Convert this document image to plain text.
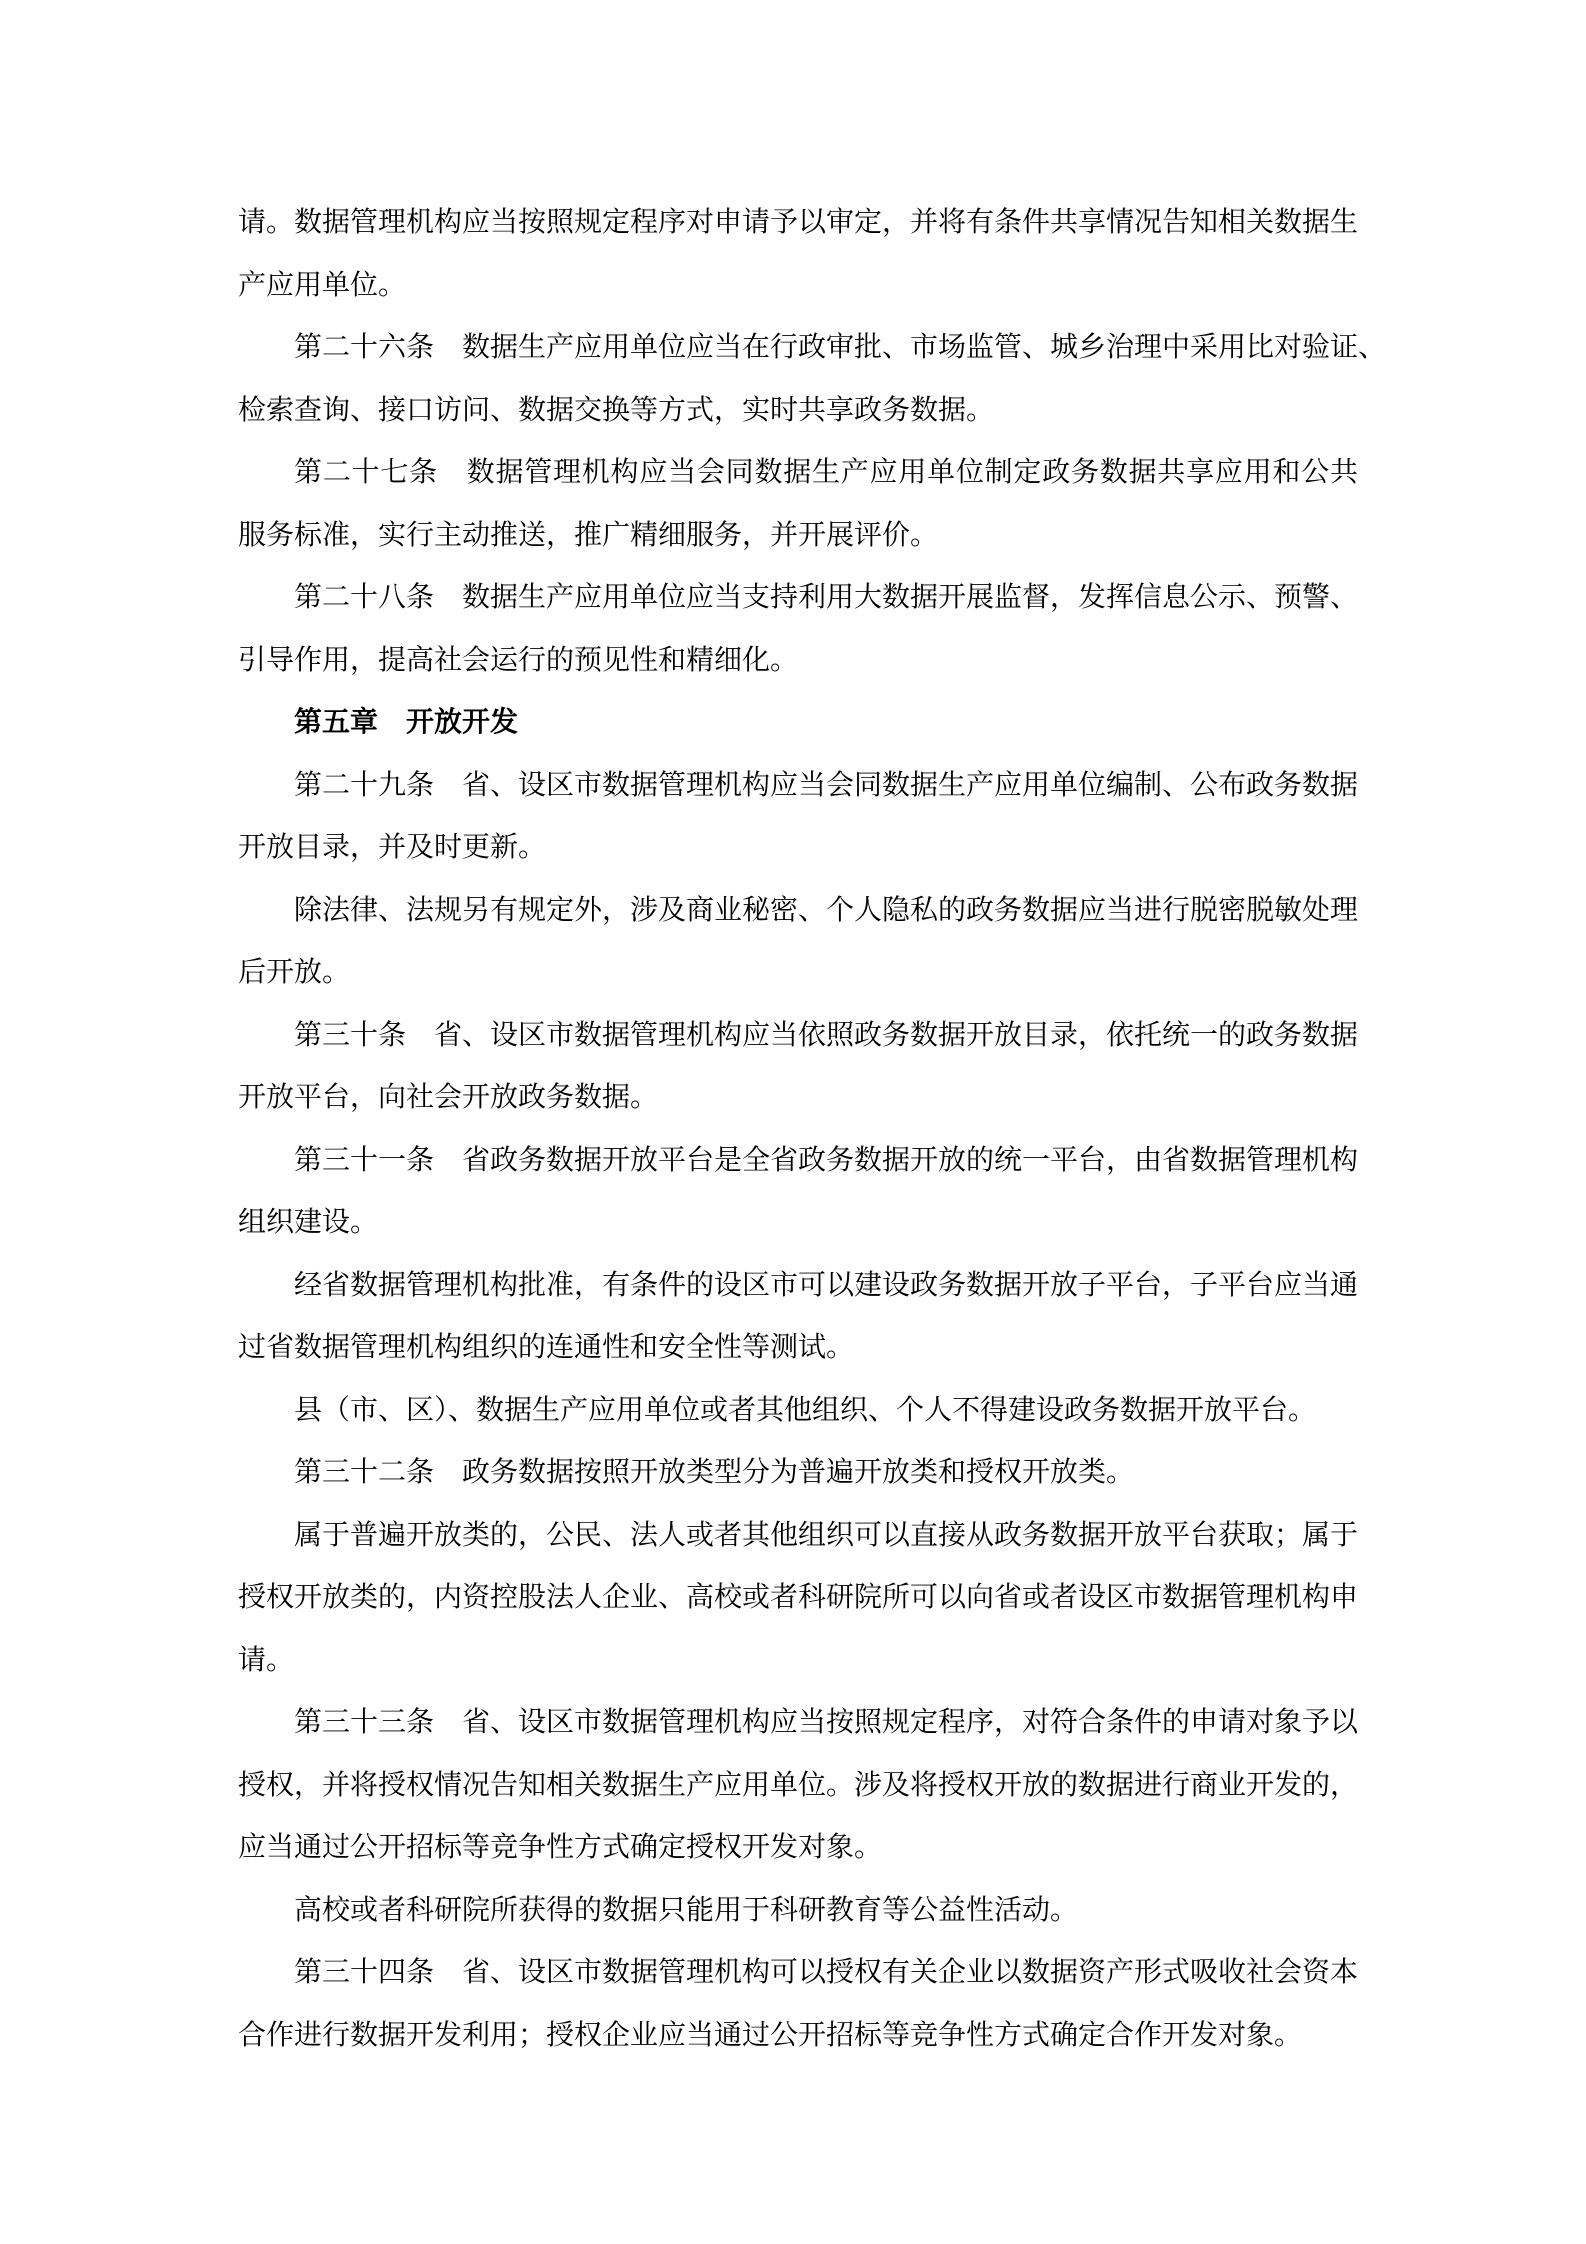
请。数据管理机构应当按照规定程序对申请予以审定，并将有条件共享情况告知相关数据生
产应用单位。
第二十六条　数据生产应用单位应当在行政审批、市场监管、城乡治理中采用比对验证、
检索查询、接口访问、数据交换等方式，实时共享政务数据。
第二十七条　数据管理机构应当会同数据生产应用单位制定政务数据共享应用和公共
服务标准，实行主动推送，推广精细服务，并开展评价。
第二十八条　数据生产应用单位应当支持利用大数据开展监督，发挥信息公示、预警、
引导作用，提高社会运行的预见性和精细化。
第五章　开放开发
第二十九条　省、设区市数据管理机构应当会同数据生产应用单位编制、公布政务数据
开放目录，并及时更新。
除法律、法规另有规定外，涉及商业秘密、个人隐私的政务数据应当进行脱密脱敏处理
后开放。
第三十条　省、设区市数据管理机构应当依照政务数据开放目录，依托统一的政务数据
开放平台，向社会开放政务数据。
第三十一条　省政务数据开放平台是全省政务数据开放的统一平台，由省数据管理机构
组织建设。
经省数据管理机构批准，有条件的设区市可以建设政务数据开放子平台，子平台应当通
过省数据管理机构组织的连通性和安全性等测试。
县（市、区）、数据生产应用单位或者其他组织、个人不得建设政务数据开放平台。
第三十二条　政务数据按照开放类型分为普遍开放类和授权开放类。
属于普遍开放类的，公民、法人或者其他组织可以直接从政务数据开放平台获取；属于
授权开放类的，内资控股法人企业、高校或者科研院所可以向省或者设区市数据管理机构申
请。
第三十三条　省、设区市数据管理机构应当按照规定程序，对符合条件的申请对象予以
授权，并将授权情况告知相关数据生产应用单位。涉及将授权开放的数据进行商业开发的，
应当通过公开招标等竞争性方式确定授权开发对象。
高校或者科研院所获得的数据只能用于科研教育等公益性活动。
第三十四条　省、设区市数据管理机构可以授权有关企业以数据资产形式吸收社会资本
合作进行数据开发利用；授权企业应当通过公开招标等竞争性方式确定合作开发对象。
